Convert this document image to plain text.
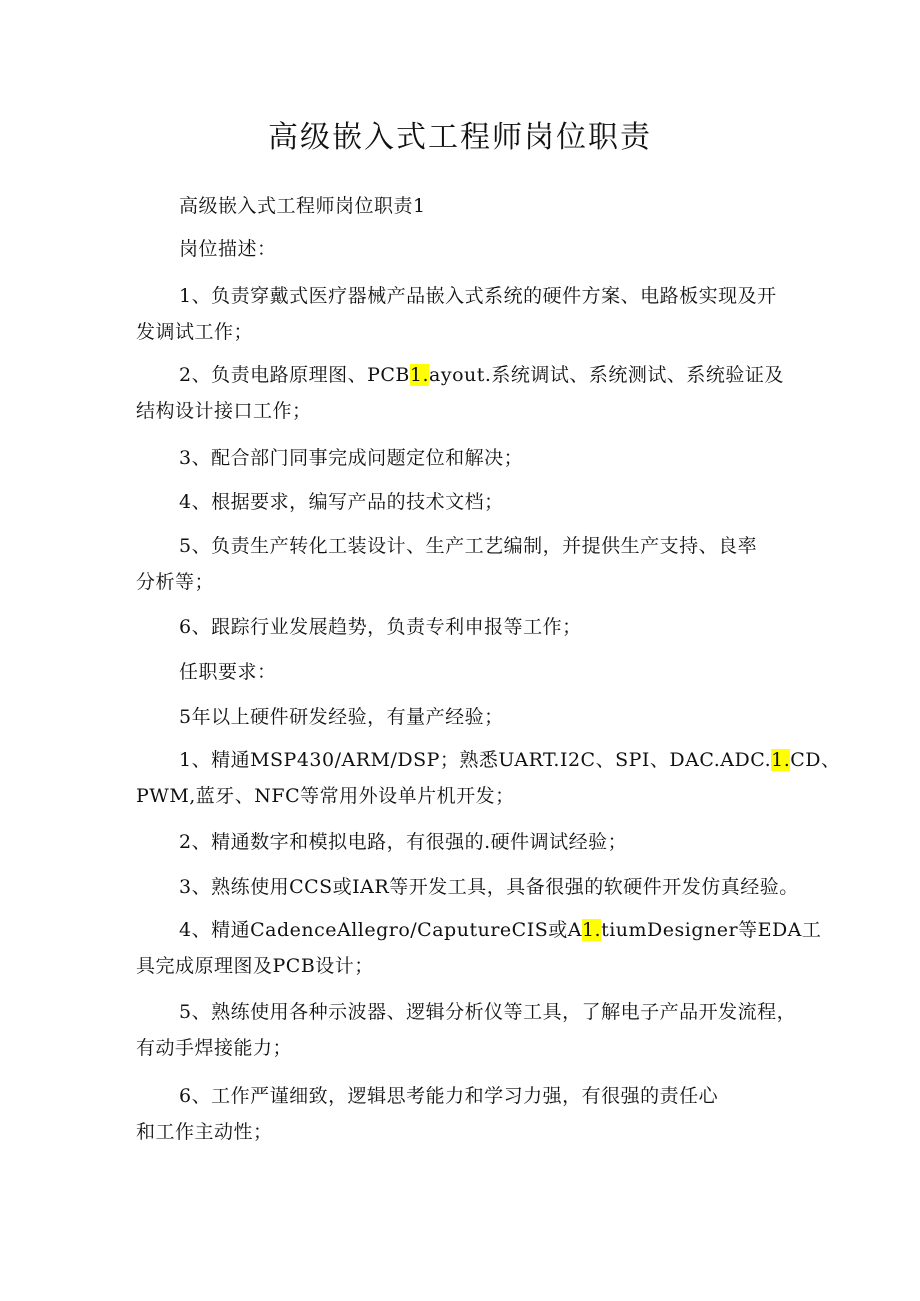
高级嵌入式工程师岗位职责
高级嵌入式工程师岗位职责1
岗位描述：
1、负责穿戴式医疗器械产品嵌入式系统的硬件方案、电路板实现及开
发调试工作；
2、负责电路原理图、PCB1.ayout.系统调试、系统测试、系统验证及
结构设计接口工作；
3、配合部门同事完成问题定位和解决；
4、根据要求，编写产品的技术文档；
5、负责生产转化工装设计、生产工艺编制，并提供生产支持、良率
分析等；
6、跟踪行业发展趋势，负责专利申报等工作；
任职要求：
5年以上硬件研发经验，有量产经验；
1、精通MSP430/ARM/DSP；熟悉UART.I2C、SPI、DAC.ADC.1.CD、
PWM,蓝牙、NFC等常用外设单片机开发；
2、精通数字和模拟电路，有很强的.硬件调试经验；
3、熟练使用CCS或IAR等开发工具，具备很强的软硬件开发仿真经验。
4、精通CadenceAllegro/CaputureCIS或A1.tiumDesigner等EDA工
具完成原理图及PCB设计；
5、熟练使用各种示波器、逻辑分析仪等工具，了解电子产品开发流程，
有动手焊接能力；
6、工作严谨细致，逻辑思考能力和学习力强，有很强的责任心
和工作主动性；
